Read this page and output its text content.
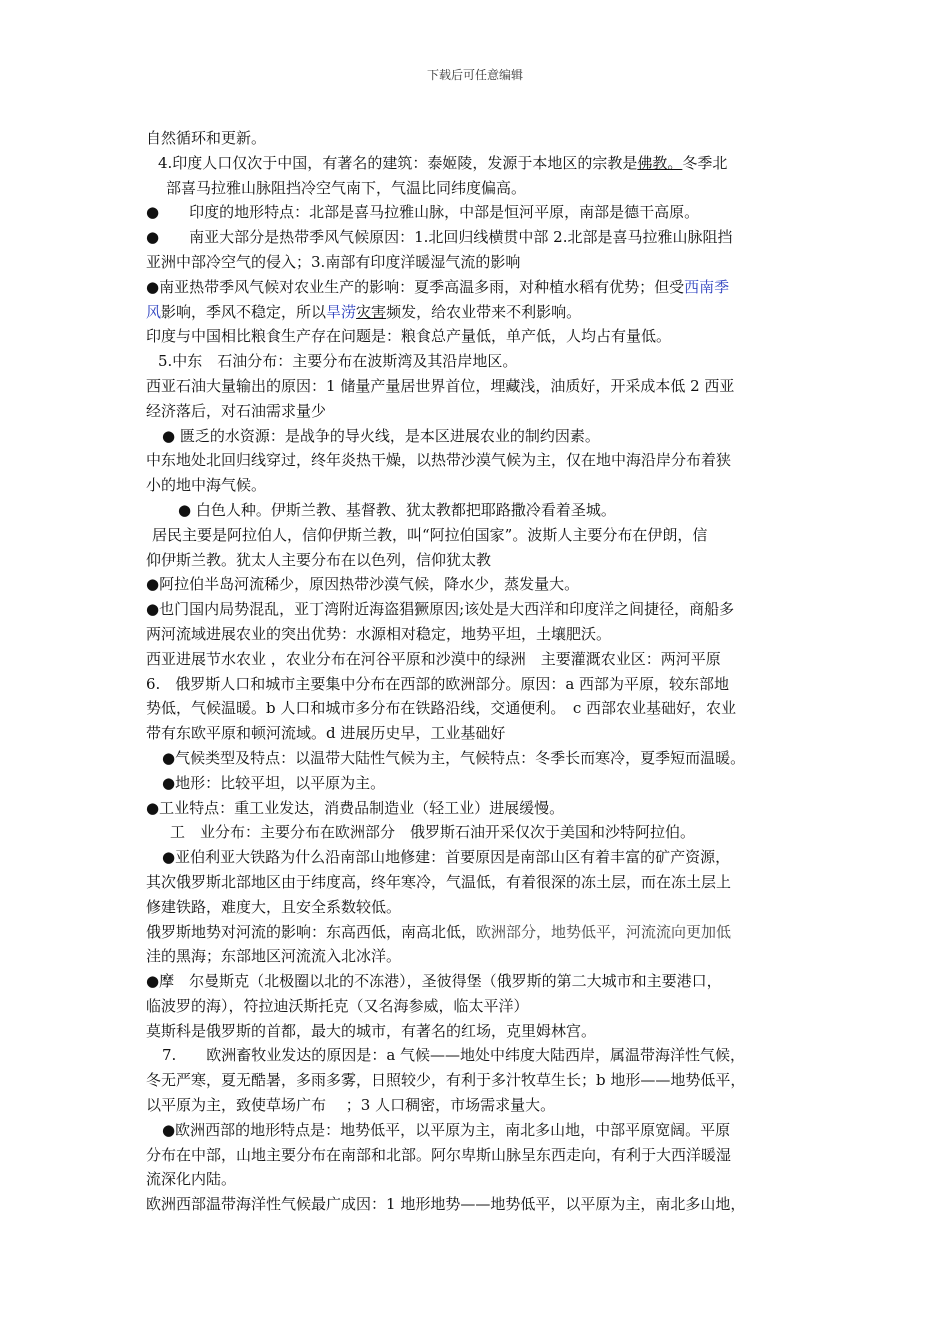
下载后可任意编辑
自然循环和更新。
4.印度人口仅次于中国，有著名的建筑：泰姬陵，发源于本地区的宗教是佛教。冬季北
部喜马拉雅山脉阻挡冷空气南下，气温比同纬度偏高。
●　　印度的地形特点：北部是喜马拉雅山脉，中部是恒河平原，南部是德干高原。
●　　南亚大部分是热带季风气候原因：1.北回归线横贯中部 2.北部是喜马拉雅山脉阻挡
亚洲中部冷空气的侵入；3.南部有印度洋暖湿气流的影响
●南亚热带季风气候对农业生产的影响：夏季高温多雨，对种植水稻有优势；但受西南季
风影响，季风不稳定，所以旱涝灾害频发，给农业带来不利影响。
印度与中国相比粮食生产存在问题是：粮食总产量低，单产低，人均占有量低。
5.中东　石油分布：主要分布在波斯湾及其沿岸地区。
西亚石油大量输出的原因：1 储量产量居世界首位，埋藏浅，油质好，开采成本低 2 西亚
经济落后，对石油需求量少
● 匮乏的水资源：是战争的导火线，是本区进展农业的制约因素。
中东地处北回归线穿过，终年炎热干燥，以热带沙漠气候为主，仅在地中海沿岸分布着狭
小的地中海气候。
● 白色人种。伊斯兰教、基督教、犹太教都把耶路撒冷看着圣城。
居民主要是阿拉伯人，信仰伊斯兰教，叫“阿拉伯国家”。波斯人主要分布在伊朗，信
仰伊斯兰教。犹太人主要分布在以色列，信仰犹太教
●阿拉伯半岛河流稀少，原因热带沙漠气候，降水少，蒸发量大。
●也门国内局势混乱，亚丁湾附近海盗猖獗原因;该处是大西洋和印度洋之间捷径，商船多
两河流域进展农业的突出优势：水源相对稳定，地势平坦，土壤肥沃。
西亚进展节水农业 ，农业分布在河谷平原和沙漠中的绿洲　主要灌溉农业区：两河平原
6.　俄罗斯人口和城市主要集中分布在西部的欧洲部分。原因：a 西部为平原，较东部地
势低，气候温暖。b 人口和城市多分布在铁路沿线，交通便利。　c 西部农业基础好，农业
带有东欧平原和顿河流域。d 进展历史早，工业基础好
●气候类型及特点：以温带大陆性气候为主，气候特点：冬季长而寒冷，夏季短而温暖。
●地形：比较平坦，以平原为主。
●工业特点：重工业发达，消费品制造业（轻工业）进展缓慢。
工　业分布：主要分布在欧洲部分　俄罗斯石油开采仅次于美国和沙特阿拉伯。
●亚伯利亚大铁路为什么沿南部山地修建：首要原因是南部山区有着丰富的矿产资源，
其次俄罗斯北部地区由于纬度高，终年寒冷，气温低，有着很深的冻土层，而在冻土层上
修建铁路，难度大，且安全系数较低。
俄罗斯地势对河流的影响：东高西低，南高北低，欧洲部分，地势低平，河流流向更加低
洼的黑海；东部地区河流流入北冰洋。
●摩　尔曼斯克（北极圈以北的不冻港），圣彼得堡（俄罗斯的第二大城市和主要港口，
临波罗的海），符拉迪沃斯托克（又名海参威，临太平洋）
莫斯科是俄罗斯的首都，最大的城市，有著名的红场，克里姆林宫。
7.　　欧洲畜牧业发达的原因是：a 气候——地处中纬度大陆西岸，属温带海洋性气候，
冬无严寒，夏无酷暑，多雨多雾，日照较少，有利于多汁牧草生长；b 地形——地势低平，
以平原为主，致使草场广布　 ；3 人口稠密，市场需求量大。
●欧洲西部的地形特点是：地势低平，以平原为主，南北多山地，中部平原宽阔。平原
分布在中部，山地主要分布在南部和北部。阿尔卑斯山脉呈东西走向，有利于大西洋暖湿
流深化内陆。
欧洲西部温带海洋性气候最广成因：1 地形地势——地势低平，以平原为主，南北多山地，
